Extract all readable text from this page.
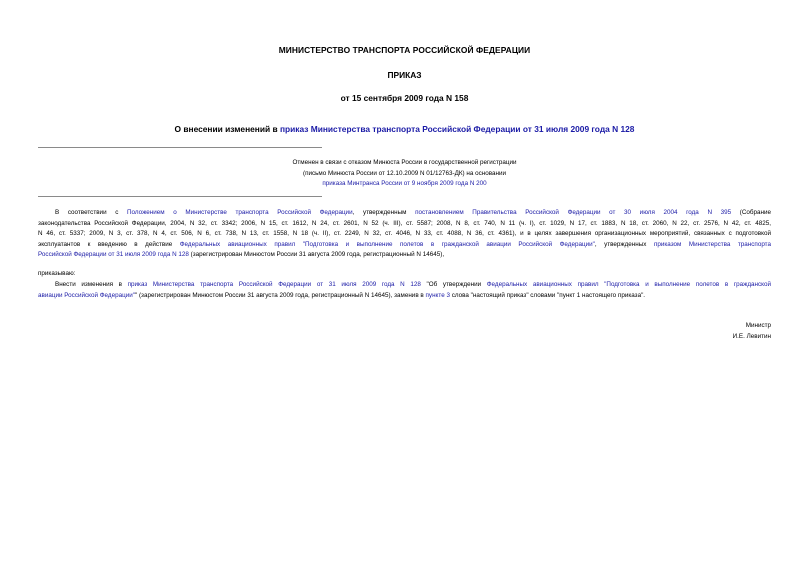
МИНИСТЕРСТВО ТРАНСПОРТА РОССИЙСКОЙ ФЕДЕРАЦИИ
ПРИКАЗ
от 15 сентября 2009 года N 158
О внесении изменений в приказ Министерства транспорта Российской Федерации от 31 июля 2009 года N 128
Отменен в связи с отказом Минюста России в государственной регистрации
(письмо Минюста России от 12.10.2009 N 01/12763-ДК) на основании
приказа Минтранса России от 9 ноября 2009 года N 200
В соответствии с Положением о Министерстве транспорта Российской Федерации, утвержденным постановлением Правительства Российской Федерации от 30 июля 2004 года N 395 (Собрание
законодательства Российской Федерации, 2004, N 32, ст. 3342; 2006, N 15, ст. 1612, N 24, ст. 2601, N 52 (ч. III), ст. 5587; 2008, N 8, ст. 740, N 11 (ч. I), ст. 1029, N 17, ст. 1883, N 18, ст. 2060, N 22, ст. 2576, N 42, ст. 4825,
N 46, ст. 5337; 2009, N 3, ст. 378, N 4, ст. 506, N 6, ст. 738, N 13, ст. 1558, N 18 (ч. II), ст. 2249, N 32, ст. 4046, N 33, ст. 4088, N 36, ст. 4361), и в целях завершения организационных мероприятий, связанных с подготовкой
эксплуатантов к введению в действие Федеральных авиационных правил "Подготовка и выполнение полетов в гражданской авиации Российской Федерации", утвержденных приказом Министерства транспорта
Российской Федерации от 31 июля 2009 года N 128 (зарегистрирован Минюстом России 31 августа 2009 года, регистрационный N 14645),
приказываю:
Внести изменения в приказ Министерства транспорта Российской Федерации от 31 июля 2009 года N 128 "Об утверждении Федеральных авиационных правил "Подготовка и выполнение полетов в гражданской
авиации Российской Федерации"" (зарегистрирован Минюстом России 31 августа 2009 года, регистрационный N 14645), заменив в пункте 3 слова "настоящий приказ" словами "пункт 1 настоящего приказа".
Министр
И.Е. Левитин
